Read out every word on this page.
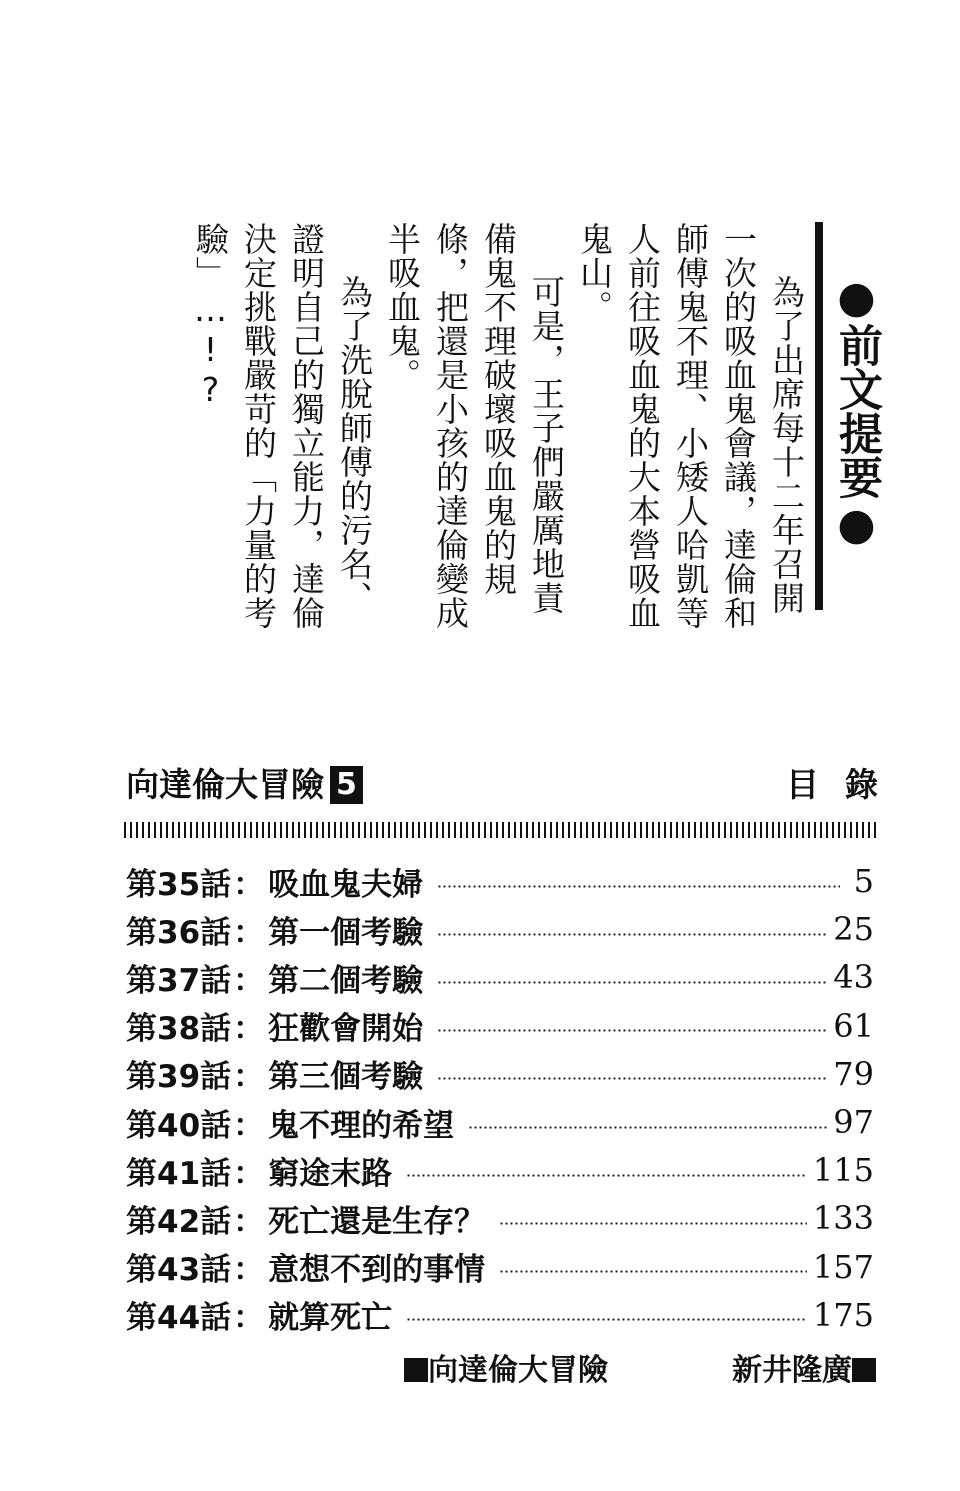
●前文提要●

為了出席每十二年召開一次的吸血鬼會議，達倫和師傅鬼不理、小矮人哈凱等人前往吸血鬼的大本營吸血鬼山。

可是，王子們嚴厲地責備鬼不理破壞吸血鬼的規條，把還是小孩的達倫變成半吸血鬼。

為了洗脫師傅的污名、證明自己的獨立能力，達倫決定挑戰嚴苛的「力量的考驗」…!?

向達倫大冒險 5	目錄
第35話 ： 吸血鬼夫婦	5
第36話 ： 第一個考驗	25
第37話 ： 第二個考驗	43
第38話 ： 狂歡會開始	61
第39話 ： 第三個考驗	79
第40話 ： 鬼不理的希望	97
第41話 ： 窮途末路	115
第42話 ： 死亡還是生存？	133
第43話 ： 意想不到的事情	157
第44話 ： 就算死亡	175
向達倫大冒險	新井隆廣
